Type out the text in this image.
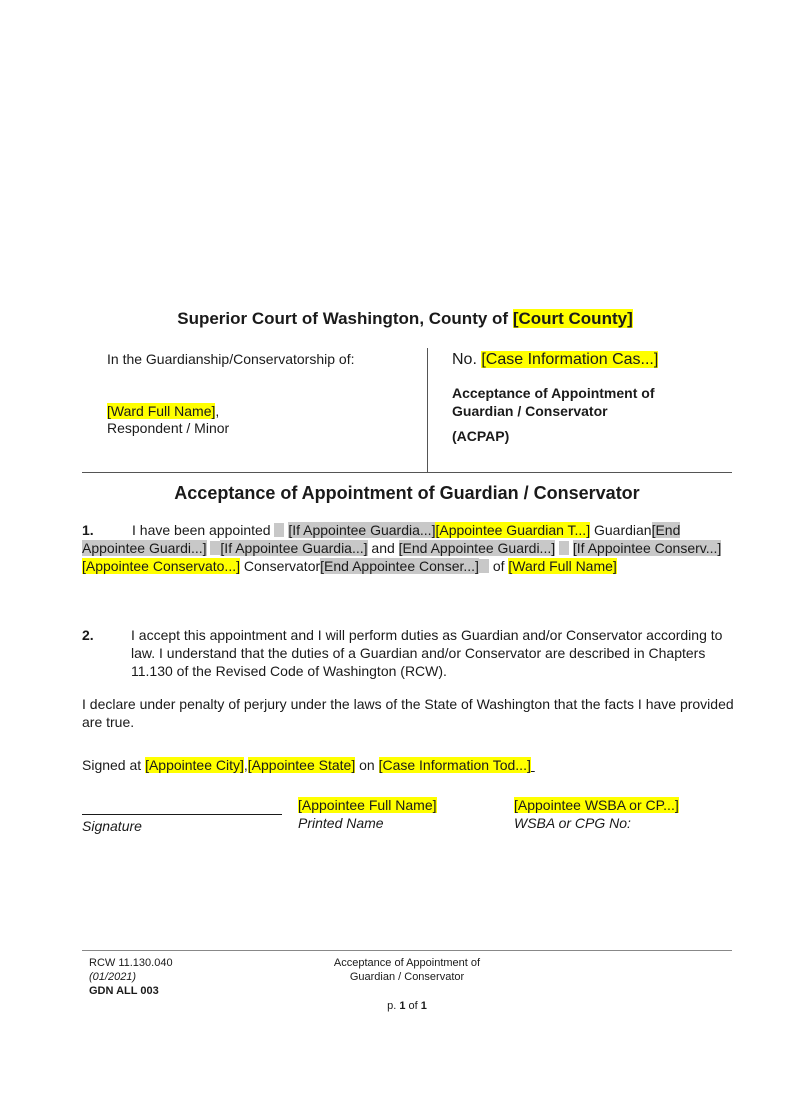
Superior Court of Washington, County of [Court County]
In the Guardianship/Conservatorship of:
[Ward Full Name],
Respondent / Minor
No. [Case Information Cas...]
Acceptance of Appointment of
Guardian / Conservator
(ACPAP)
Acceptance of Appointment of Guardian / Conservator
1.	I have been appointed  [If Appointee Guardia...][Appointee Guardian T...] Guardian[End Appointee Guardi...] [If Appointee Guardia...] and [End Appointee Guardi...] [If Appointee Conserv...][Appointee Conservato...] Conservator[End Appointee Conser...] of [Ward Full Name]
2.	I accept this appointment and I will perform duties as Guardian and/or Conservator according to law. I understand that the duties of a Guardian and/or Conservator are described in Chapters 11.130 of the Revised Code of Washington (RCW).
I declare under penalty of perjury under the laws of the State of Washington that the facts I have provided are true.
Signed at [Appointee City],[Appointee State] on [Case Information Tod...]
Signature
[Appointee Full Name]
Printed Name
[Appointee WSBA or CP...]
WSBA or CPG No:
RCW 11.130.040
(01/2021)
GDN ALL 003
Acceptance of Appointment of
Guardian / Conservator
p. 1 of 1
